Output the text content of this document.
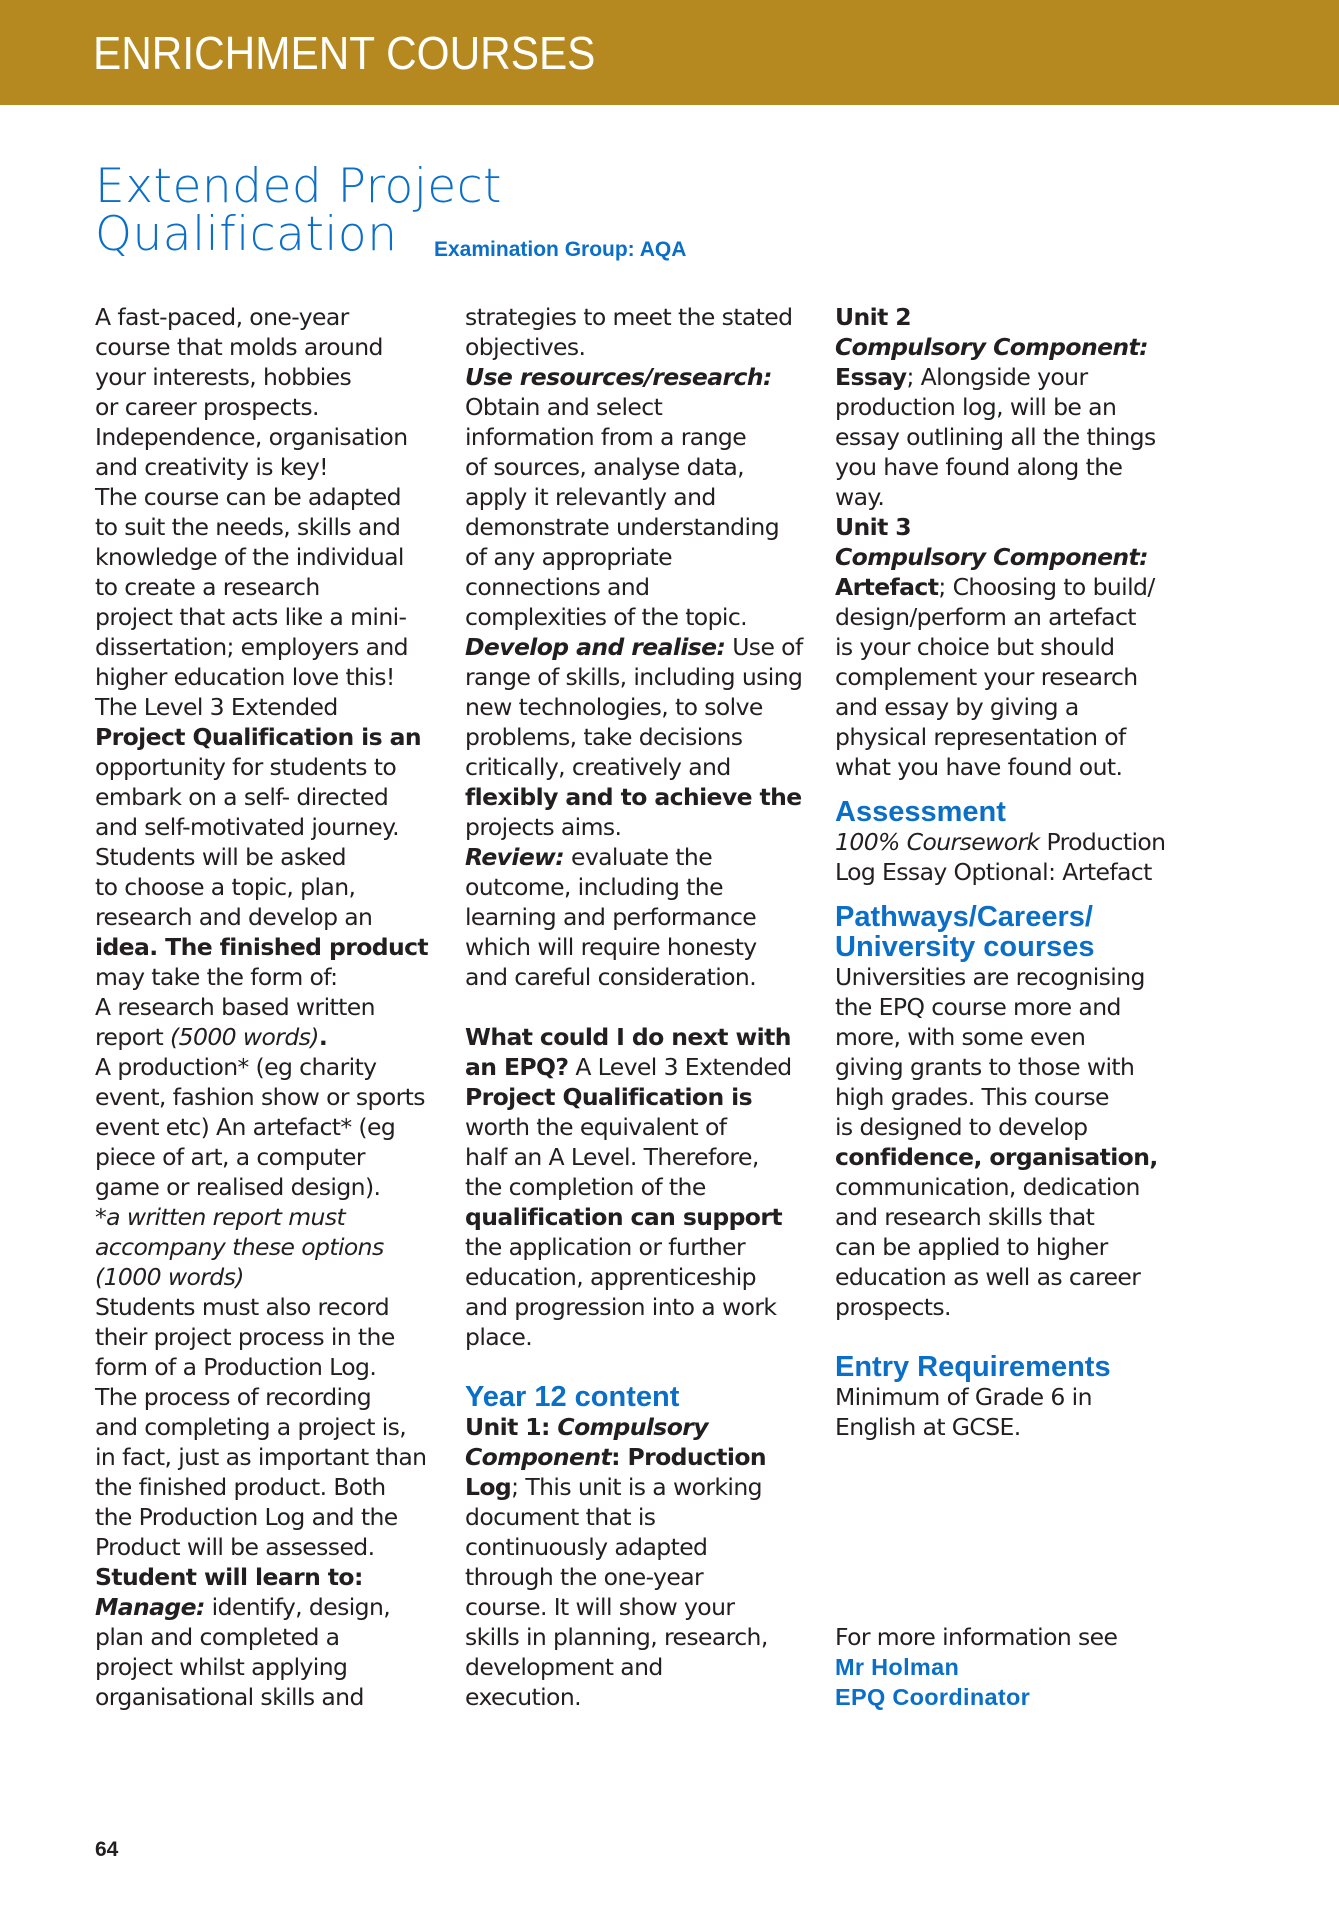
ENRICHMENT COURSES
Extended Project
Qualification	Examination Group: AQA
A fast-paced, one-year
course that molds around
your interests, hobbies
or career prospects.
Independence, organisation
and creativity is key!
The course can be adapted
to suit the needs, skills and
knowledge of the individual
to create a research
project that acts like a mini-
dissertation; employers and
higher education love this!
The Level 3 Extended
Project Qualification is an
opportunity for students to
embark on a self- directed
and self-motivated journey.
Students will be asked
to choose a topic, plan,
research and develop an
idea. The finished product
may take the form of:
A research based written
report (5000 words).
A production* (eg charity
event, fashion show or sports
event etc) An artefact* (eg
piece of art, a computer
game or realised design).
*a written report must
accompany these options
(1000 words)
Students must also record
their project process in the
form of a Production Log.
The process of recording
and completing a project is,
in fact, just as important than
the finished product. Both
the Production Log and the
Product will be assessed.
Student will learn to:
Manage: identify, design,
plan and completed a
project whilst applying
organisational skills and
strategies to meet the stated
objectives.
Use resources/research:
Obtain and select
information from a range
of sources, analyse data,
apply it relevantly and
demonstrate understanding
of any appropriate
connections and
complexities of the topic.
Develop and realise: Use of
range of skills, including using
new technologies, to solve
problems, take decisions
critically, creatively and
flexibly and to achieve the
projects aims.
Review: evaluate the
outcome, including the
learning and performance
which will require honesty
and careful consideration.
What could I do next with
an EPQ? A Level 3 Extended
Project Qualification is
worth the equivalent of
half an A Level. Therefore,
the completion of the
qualification can support
the application or further
education, apprenticeship
and progression into a work
place.
Year 12 content
Unit 1: Compulsory
Component: Production
Log; This unit is a working
document that is
continuously adapted
through the one-year
course. It will show your
skills in planning, research,
development and
execution.
Unit 2
Compulsory Component:
Essay; Alongside your
production log, will be an
essay outlining all the things
you have found along the
way.
Unit 3
Compulsory Component:
Artefact; Choosing to build/
design/perform an artefact
is your choice but should
complement your research
and essay by giving a
physical representation of
what you have found out.
Assessment
100% Coursework Production
Log Essay Optional: Artefact
Pathways/Careers/
University courses
Universities are recognising
the EPQ course more and
more, with some even
giving grants to those with
high grades. This course
is designed to develop
confidence, organisation,
communication, dedication
and research skills that
can be applied to higher
education as well as career
prospects.
Entry Requirements
Minimum of Grade 6 in
English at GCSE.
For more information see
Mr Holman
EPQ Coordinator
64
